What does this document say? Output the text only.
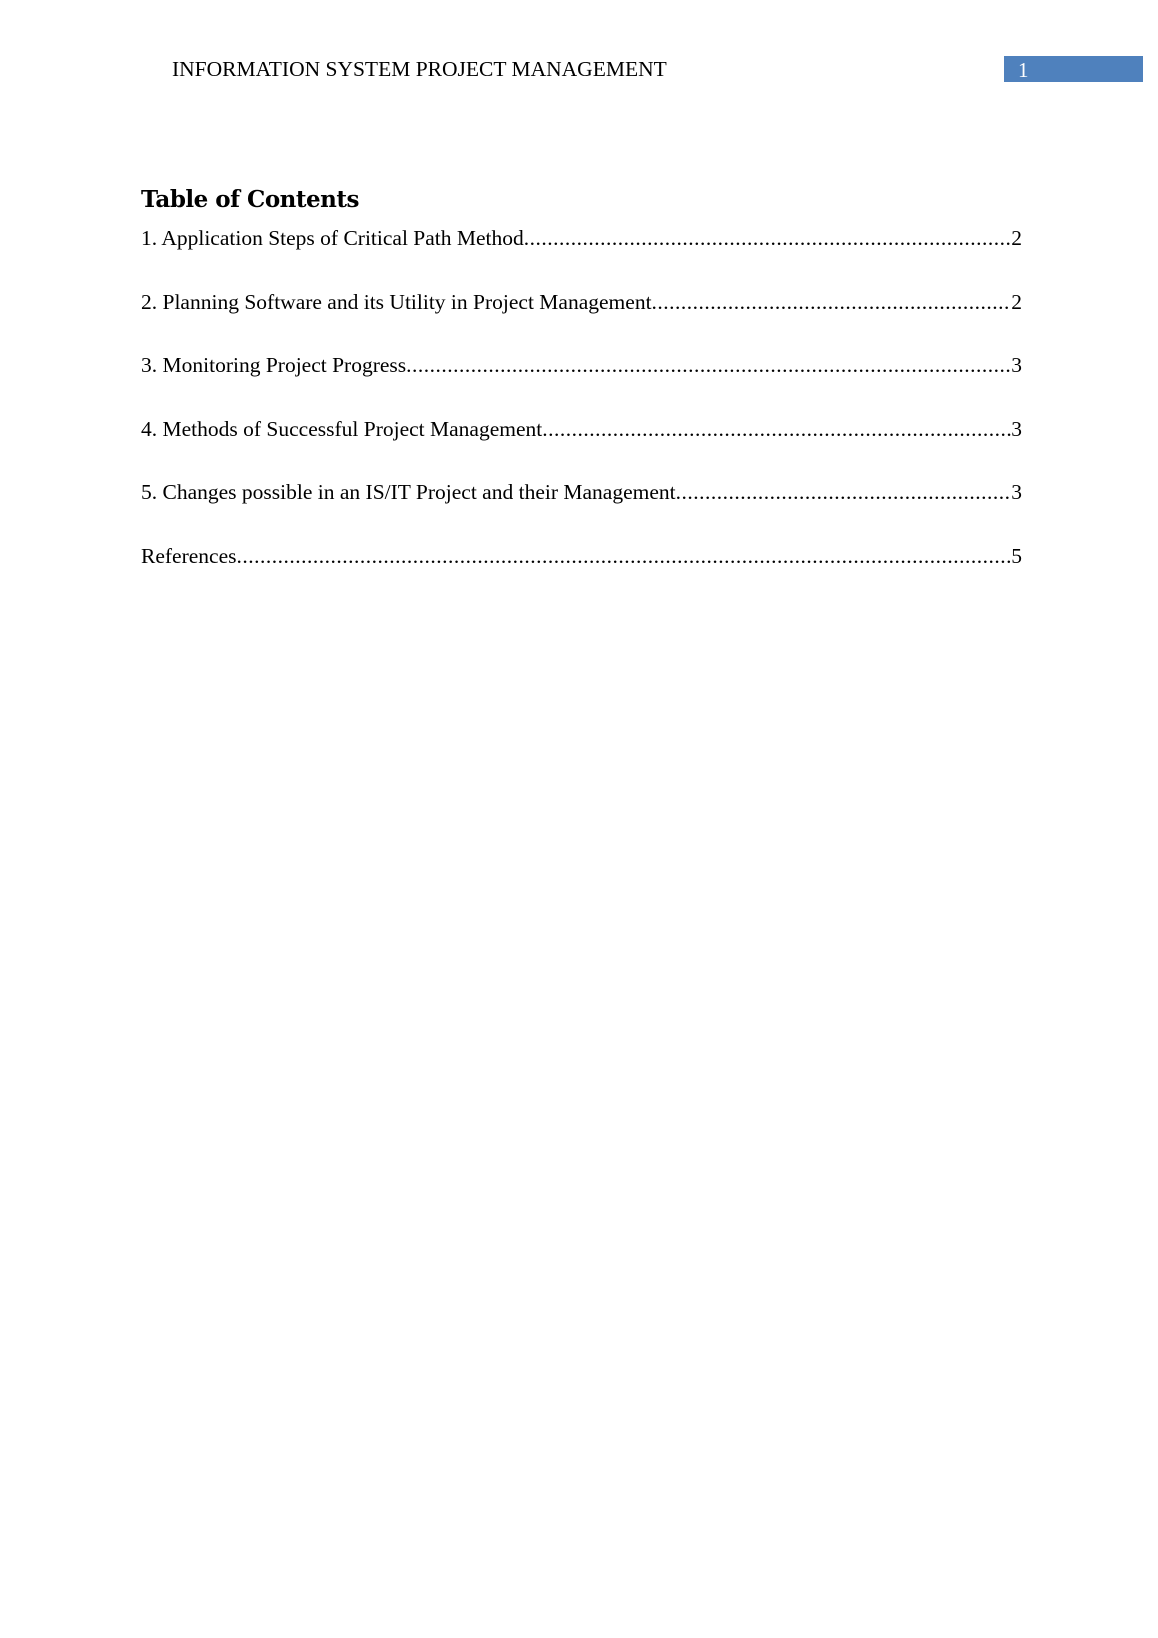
INFORMATION SYSTEM PROJECT MANAGEMENT	1
Table of Contents
1. Application Steps of Critical Path Method .....	2
2. Planning Software and its Utility in Project Management .....	2
3. Monitoring Project Progress .....	3
4. Methods of Successful Project Management .....	3
5. Changes possible in an IS/IT Project and their Management .....	3
References .....	5
